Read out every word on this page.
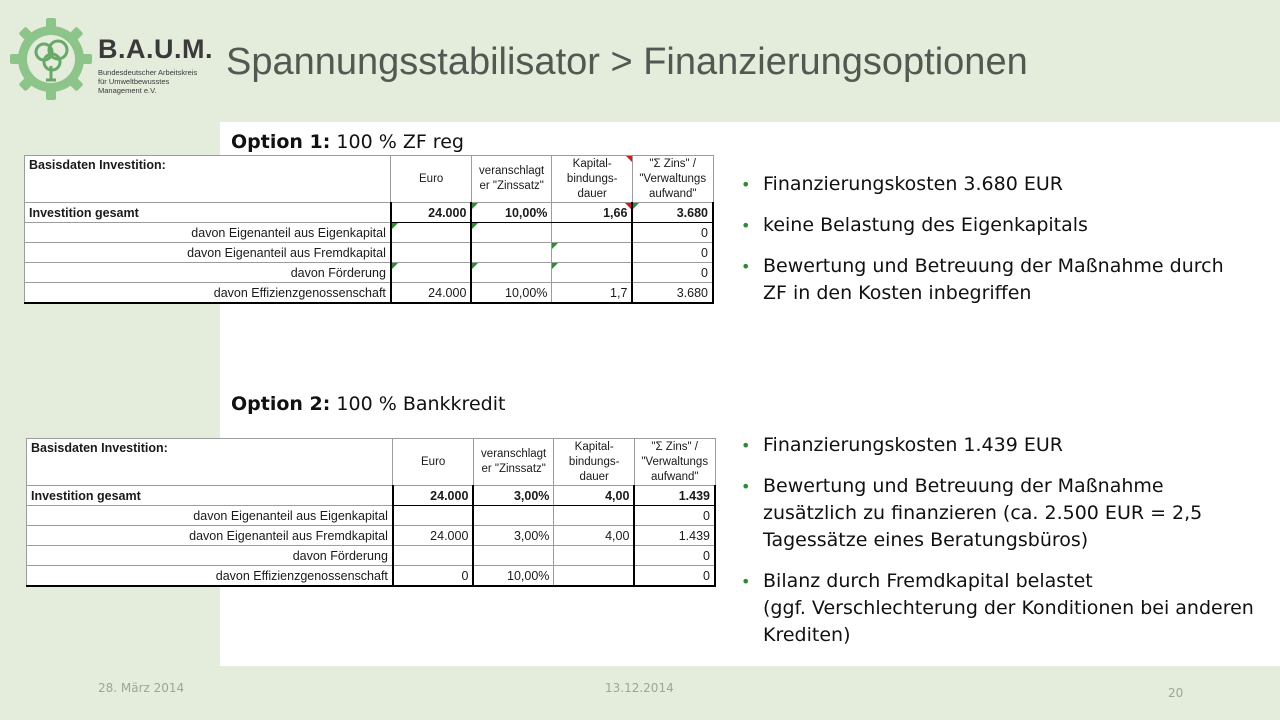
B.A.U.M.
Bundesdeutscher Arbeitskreis
für Umweltbewusstes
Management e.V.
Spannungsstabilisator > Finanzierungsoptionen
Option 1: 100 % ZF reg
Basisdaten Investition:	Euro	veranschlagt er "Zinssatz"	Kapital-bindungs-dauer	"Σ Zins" / "Verwaltungs aufwand"
Investition gesamt	24.000	10,00%	1,66	3.680
davon Eigenanteil aus Eigenkapital				0
davon Eigenanteil aus Fremdkapital				0
davon Förderung				0
davon Effizienzgenossenschaft	24.000	10,00%	1,7	3.680
• Finanzierungskosten 3.680 EUR
• keine Belastung des Eigenkapitals
• Bewertung und Betreuung der Maßnahme durch ZF in den Kosten inbegriffen
Option 2: 100 % Bankkredit
Basisdaten Investition:	Euro	veranschlagt er "Zinssatz"	Kapital-bindungs-dauer	"Σ Zins" / "Verwaltungs aufwand"
Investition gesamt	24.000	3,00%	4,00	1.439
davon Eigenanteil aus Eigenkapital				0
davon Eigenanteil aus Fremdkapital	24.000	3,00%	4,00	1.439
davon Förderung				0
davon Effizienzgenossenschaft	0	10,00%		0
• Finanzierungskosten 1.439 EUR
• Bewertung und Betreuung der Maßnahme zusätzlich zu finanzieren (ca. 2.500 EUR = 2,5 Tagessätze eines Beratungsbüros)
• Bilanz durch Fremdkapital belastet
(ggf. Verschlechterung der Konditionen bei anderen Krediten)
28. März 2014	13.12.2014	20
